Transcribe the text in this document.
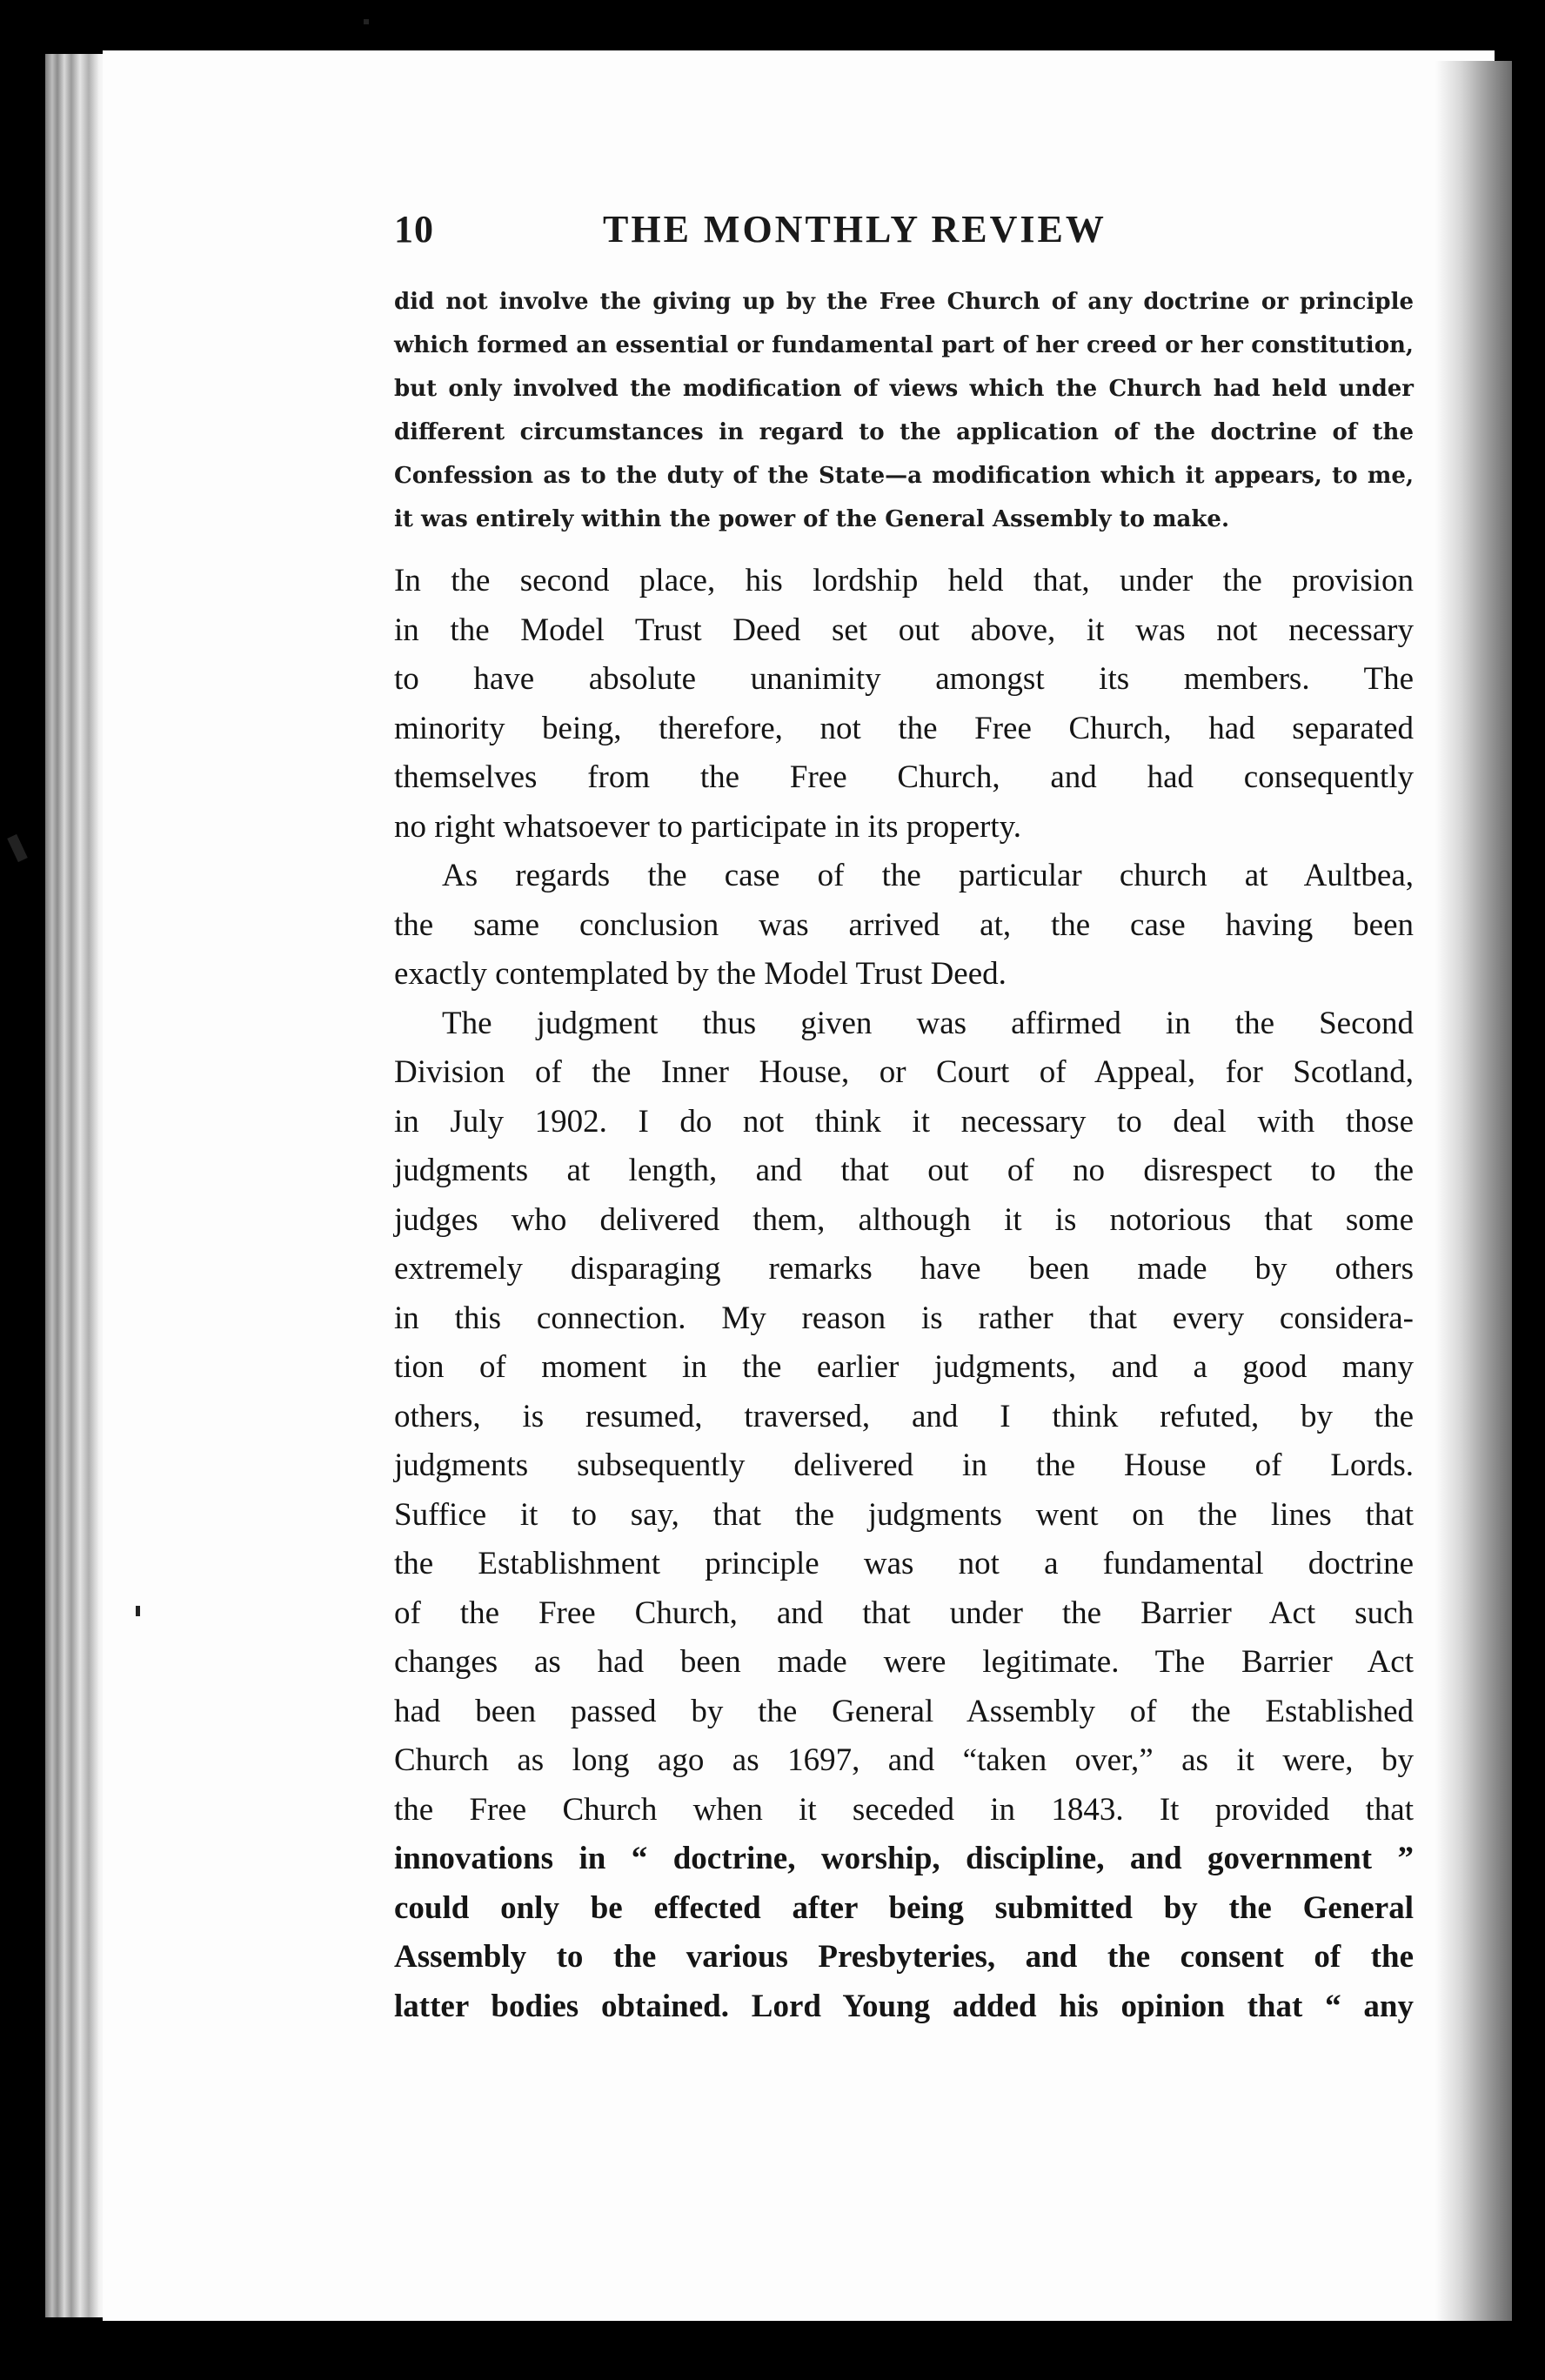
10	THE MONTHLY REVIEW
did not involve the giving up by the Free Church of any doctrine or principle
which formed an essential or fundamental part of her creed or her constitution,
but only involved the modification of views which the Church had held under
different circumstances in regard to the application of the doctrine of the
Confession as to the duty of the State—a modification which it appears, to me,
it was entirely within the power of the General Assembly to make.
In the second place, his lordship held that, under the provision
in the Model Trust Deed set out above, it was not necessary
to have absolute unanimity amongst its members. The
minority being, therefore, not the Free Church, had separated
themselves from the Free Church, and had consequently
no right whatsoever to participate in its property.
As regards the case of the particular church at Aultbea,
the same conclusion was arrived at, the case having been
exactly contemplated by the Model Trust Deed.
The judgment thus given was affirmed in the Second
Division of the Inner House, or Court of Appeal, for Scotland,
in July 1902. I do not think it necessary to deal with those
judgments at length, and that out of no disrespect to the
judges who delivered them, although it is notorious that some
extremely disparaging remarks have been made by others
in this connection. My reason is rather that every considera-
tion of moment in the earlier judgments, and a good many
others, is resumed, traversed, and I think refuted, by the
judgments subsequently delivered in the House of Lords.
Suffice it to say, that the judgments went on the lines that
the Establishment principle was not a fundamental doctrine
of the Free Church, and that under the Barrier Act such
changes as had been made were legitimate. The Barrier Act
had been passed by the General Assembly of the Established
Church as long ago as 1697, and “taken over,” as it were, by
the Free Church when it seceded in 1843. It provided that
innovations in “ doctrine, worship, discipline, and government ”
could only be effected after being submitted by the General
Assembly to the various Presbyteries, and the consent of the
latter bodies obtained. Lord Young added his opinion that “ any
